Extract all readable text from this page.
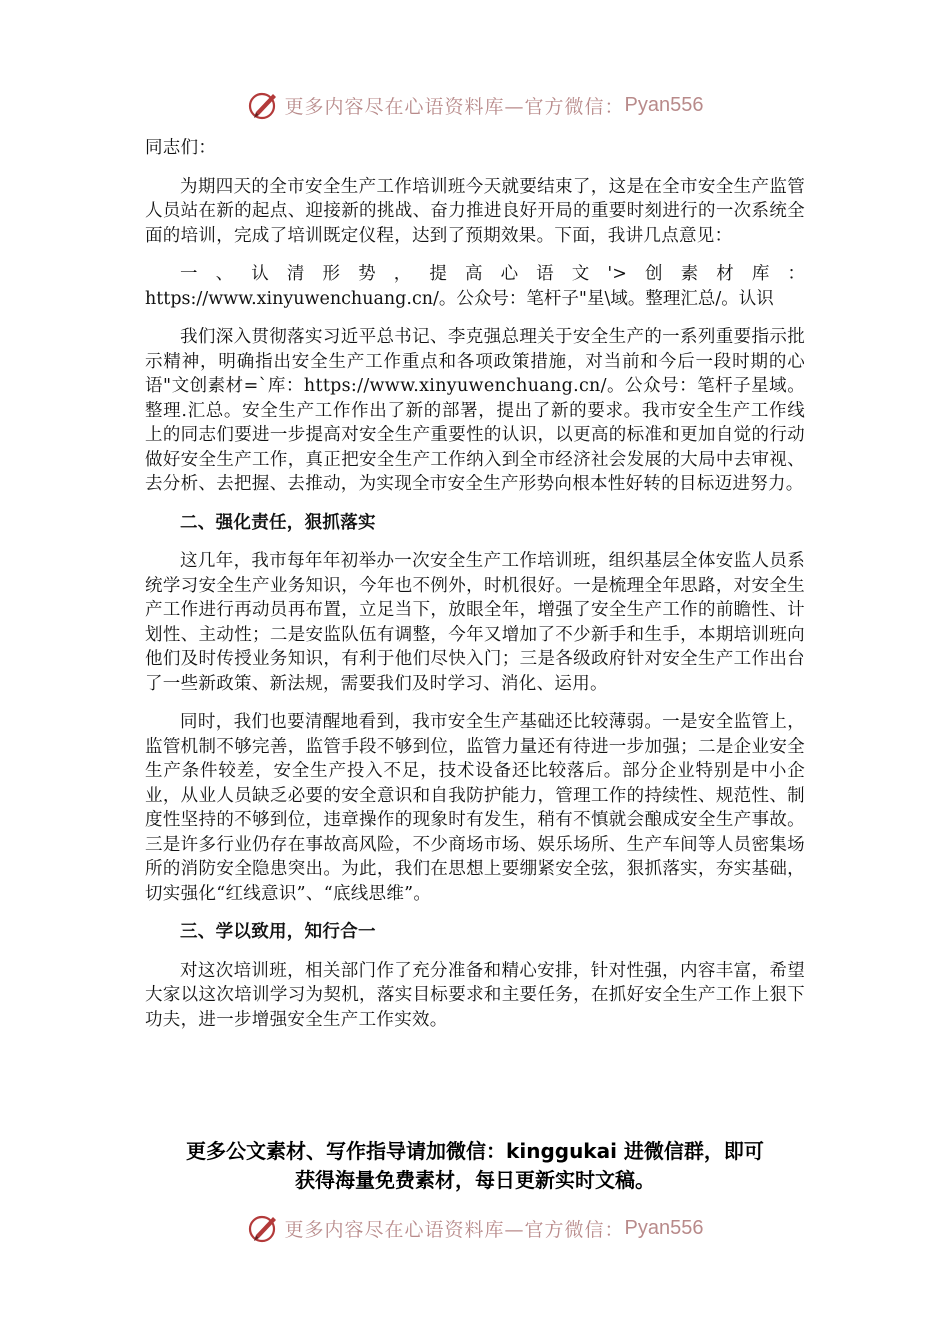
更多内容尽在心语资料库—官方微信： Pyan556

同志们：

为期四天的全市安全生产工作培训班今天就要结束了，这是在全市安全生产监管人员站在新的起点、迎接新的挑战、奋力推进良好开局的重要时刻进行的一次系统全面的培训，完成了培训既定仪程，达到了预期效果。下面，我讲几点意见：

一、认清形势，提高心语文'>创素材库：https://www.xinyuwenchuang.cn/。公众号：笔杆子"星\域。整理汇总/。认识

我们深入贯彻落实习近平总书记、李克强总理关于安全生产的一系列重要指示批示精神，明确指出安全生产工作重点和各项政策措施，对当前和今后一段时期的心语"文创素材=`库：https://www.xinyuwenchuang.cn/。公众号：笔杆子星域。整理.汇总。安全生产工作作出了新的部署，提出了新的要求。我市安全生产工作线上的同志们要进一步提高对安全生产重要性的认识，以更高的标准和更加自觉的行动做好安全生产工作，真正把安全生产工作纳入到全市经济社会发展的大局中去审视、去分析、去把握、去推动，为实现全市安全生产形势向根本性好转的目标迈进努力。

二、强化责任，狠抓落实

这几年，我市每年年初举办一次安全生产工作培训班，组织基层全体安监人员系统学习安全生产业务知识，今年也不例外，时机很好。一是梳理全年思路，对安全生产工作进行再动员再布置，立足当下，放眼全年，增强了安全生产工作的前瞻性、计划性、主动性；二是安监队伍有调整，今年又增加了不少新手和生手，本期培训班向他们及时传授业务知识，有利于他们尽快入门；三是各级政府针对安全生产工作出台了一些新政策、新法规，需要我们及时学习、消化、运用。

同时，我们也要清醒地看到，我市安全生产基础还比较薄弱。一是安全监管上，监管机制不够完善，监管手段不够到位，监管力量还有待进一步加强；二是企业安全生产条件较差，安全生产投入不足，技术设备还比较落后。部分企业特别是中小企业，从业人员缺乏必要的安全意识和自我防护能力，管理工作的持续性、规范性、制度性坚持的不够到位，违章操作的现象时有发生，稍有不慎就会酿成安全生产事故。三是许多行业仍存在事故高风险，不少商场市场、娱乐场所、生产车间等人员密集场所的消防安全隐患突出。为此，我们在思想上要绷紧安全弦，狠抓落实，夯实基础，切实强化“红线意识”、“底线思维”。

三、学以致用，知行合一

对这次培训班，相关部门作了充分准备和精心安排，针对性强，内容丰富，希望大家以这次培训学习为契机，落实目标要求和主要任务，在抓好安全生产工作上狠下功夫，进一步增强安全生产工作实效。

更多公文素材、写作指导请加微信：kinggukai 进微信群，即可

获得海量免费素材，每日更新实时文稿。

更多内容尽在心语资料库—官方微信： Pyan556
